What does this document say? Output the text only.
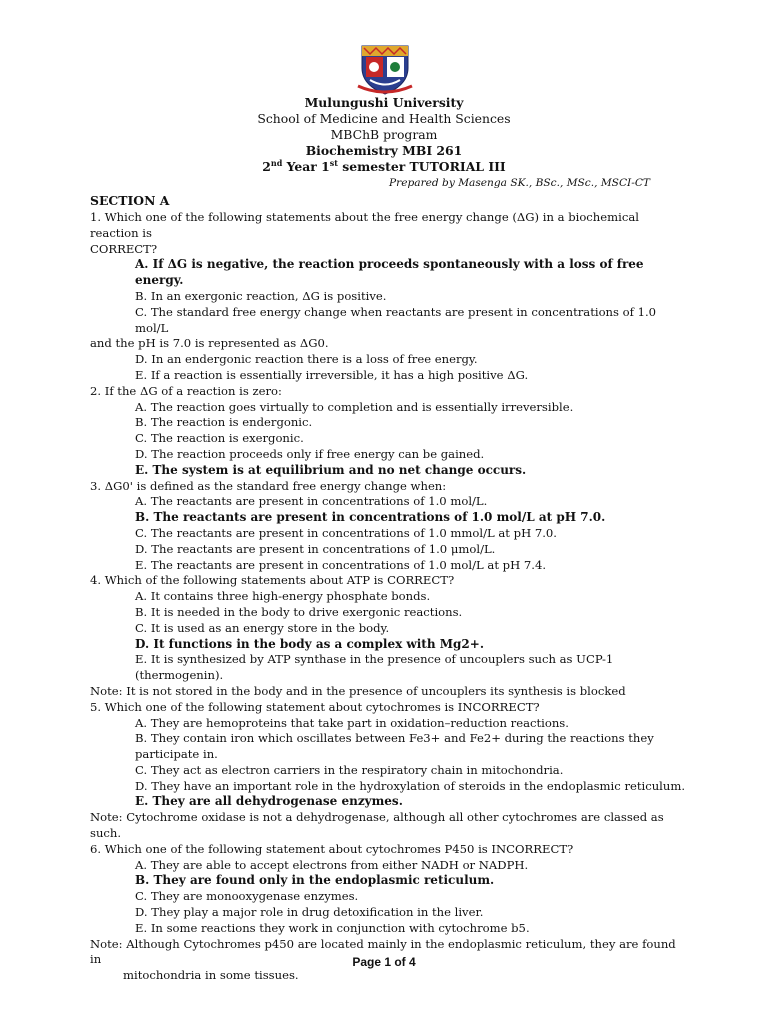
Mulungushi University
School of Medicine and Health Sciences
MBChB program
Biochemistry MBI 261
2nd Year 1st semester TUTORIAL III
Prepared by Masenga SK., BSc., MSc., MSCI-CT
SECTION A

1. Which one of the following statements about the free energy change (ΔG) in a biochemical reaction is
CORRECT?

A. If ΔG is negative, the reaction proceeds spontaneously with a loss of free energy.

B. In an exergonic reaction, ΔG is positive.

C. The standard free energy change when reactants are present in concentrations of 1.0 mol/L

and the pH is 7.0 is represented as ΔG0.

D. In an endergonic reaction there is a loss of free energy.

E. If a reaction is essentially irreversible, it has a high positive ΔG.

2. If the ΔG of a reaction is zero:

A. The reaction goes virtually to completion and is essentially irreversible.

B. The reaction is endergonic.

C. The reaction is exergonic.

D. The reaction proceeds only if free energy can be gained.

E. The system is at equilibrium and no net change occurs.

3. ΔG0' is defined as the standard free energy change when:

A. The reactants are present in concentrations of 1.0 mol/L.

B. The reactants are present in concentrations of 1.0 mol/L at pH 7.0.

C. The reactants are present in concentrations of 1.0 mmol/L at pH 7.0.

D. The reactants are present in concentrations of 1.0 μmol/L.

E. The reactants are present in concentrations of 1.0 mol/L at pH 7.4.

4. Which of the following statements about ATP is CORRECT?

A. It contains three high-energy phosphate bonds.

B. It is needed in the body to drive exergonic reactions.

C. It is used as an energy store in the body.

D. It functions in the body as a complex with Mg2+.

E. It is synthesized by ATP synthase in the presence of uncouplers such as UCP-1

(thermogenin).

Note: It is not stored in the body and in the presence of uncouplers its synthesis is blocked

5. Which one of the following statement about cytochromes is INCORRECT?

A. They are hemoproteins that take part in oxidation–reduction reactions.

B. They contain iron which oscillates between Fe3+ and Fe2+ during the reactions they

participate in.

C. They act as electron carriers in the respiratory chain in mitochondria.

D. They have an important role in the hydroxylation of steroids in the endoplasmic reticulum.

E. They are all dehydrogenase enzymes.

Note: Cytochrome oxidase is not a dehydrogenase, although all other cytochromes are classed as such.

6. Which one of the following statement about cytochromes P450 is INCORRECT?

A. They are able to accept electrons from either NADH or NADPH.

B. They are found only in the endoplasmic reticulum.

C. They are monooxygenase enzymes.

D. They play a major role in drug detoxification in the liver.

E. In some reactions they work in conjunction with cytochrome b5.

Note: Although Cytochromes p450 are located mainly in the endoplasmic reticulum, they are found in
mitochondria in some tissues.

Page 1 of 4
